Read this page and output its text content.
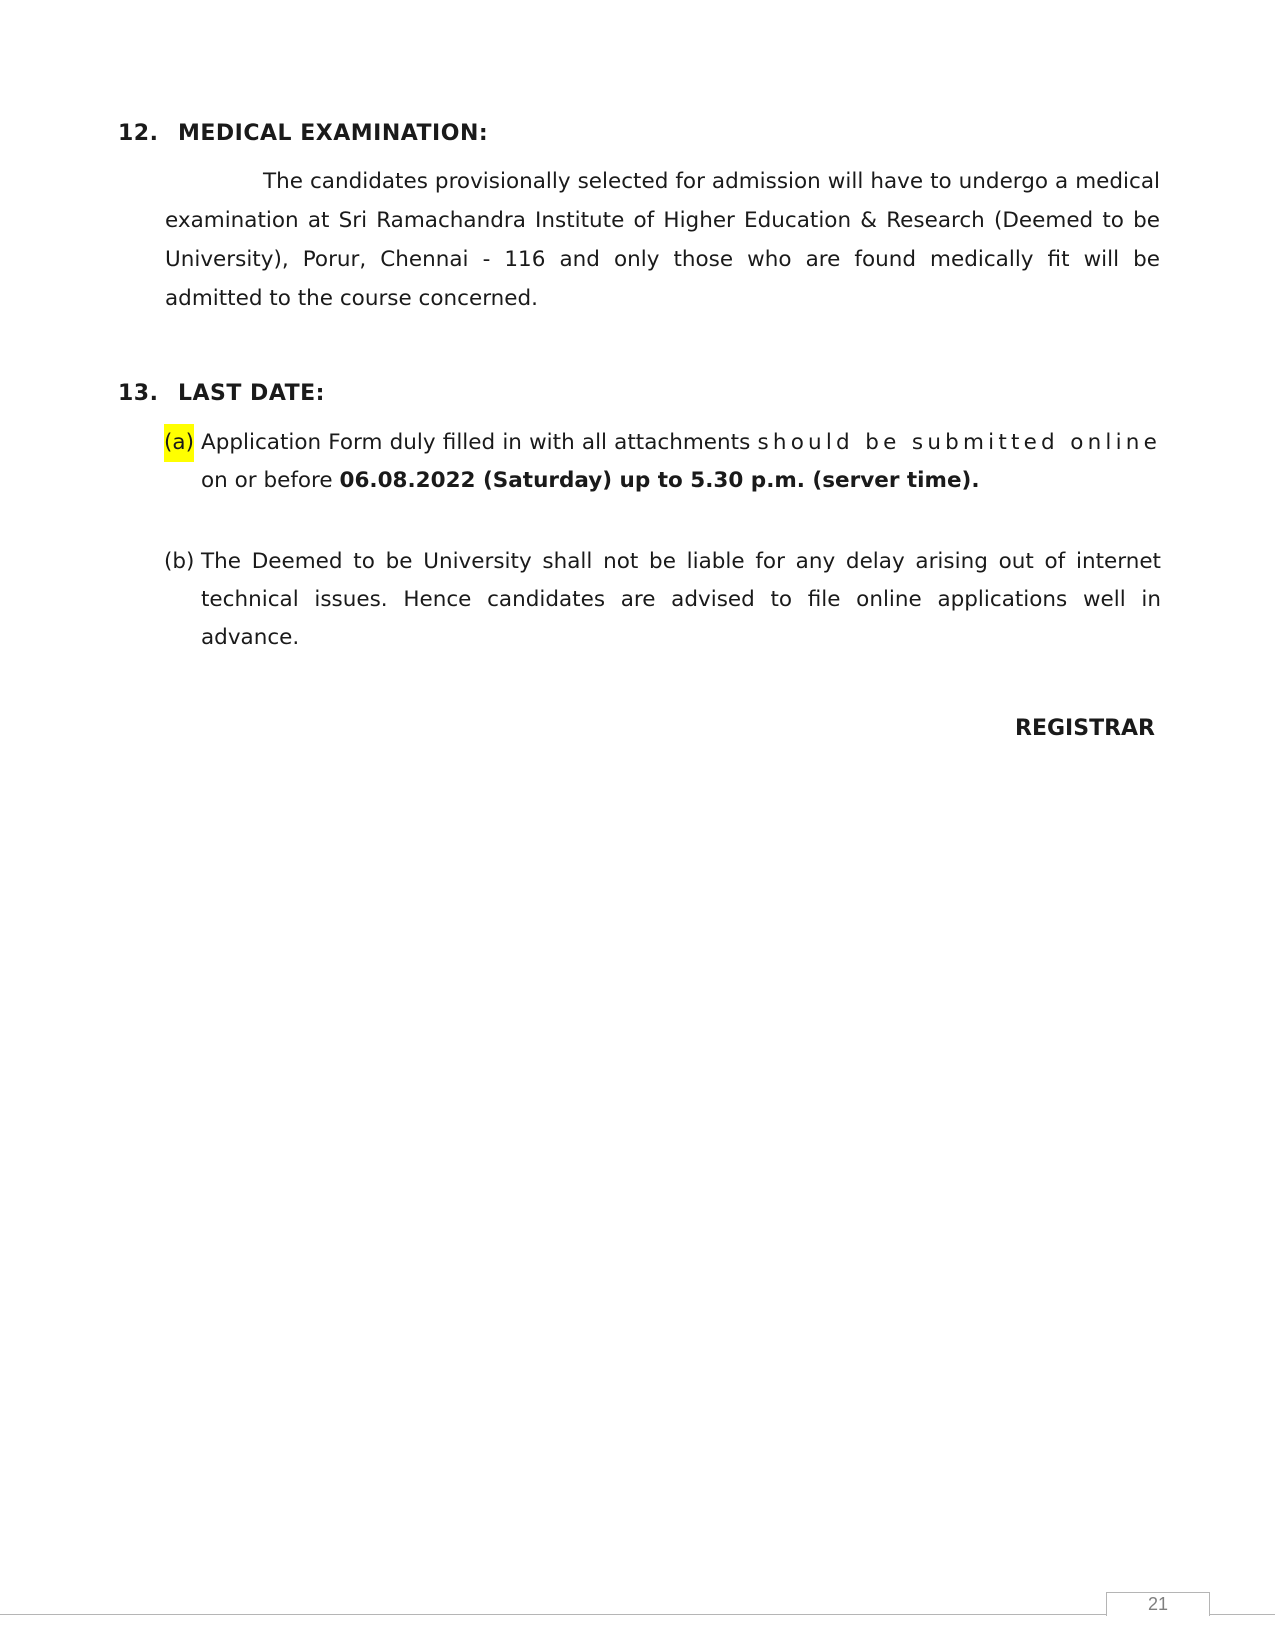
12. MEDICAL EXAMINATION:
The candidates provisionally selected for admission will have to undergo a medical examination at Sri Ramachandra Institute of Higher Education & Research (Deemed to be University), Porur, Chennai - 116 and only those who are found medically fit will be admitted to the course concerned.
13. LAST DATE:
(a) Application Form duly filled in with all attachments should be submitted online on or before 06.08.2022 (Saturday) up to 5.30 p.m. (server time).
(b) The Deemed to be University shall not be liable for any delay arising out of internet technical issues. Hence candidates are advised to file online applications well in advance.
REGISTRAR
21
